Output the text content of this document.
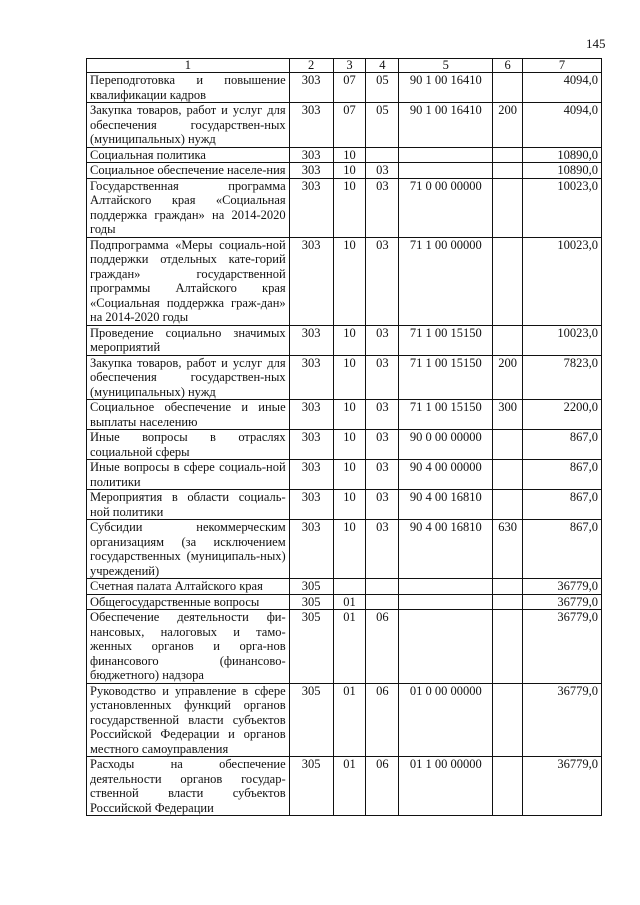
145
1	2	3	4	5	6	7
Переподготовка и повышение квалификации кадров	303	07	05	90 1 00 16410		4094,0
Закупка товаров, работ и услуг для обеспечения государствен-ных (муниципальных) нужд	303	07	05	90 1 00 16410	200	4094,0
Социальная политика	303	10				10890,0
Социальное обеспечение населе-ния	303	10	03			10890,0
Государственная программа Алтайского края «Социальная поддержка граждан» на 2014-2020 годы	303	10	03	71 0 00 00000		10023,0
Подпрограмма «Меры социаль-ной поддержки отдельных кате-горий граждан» государственной программы Алтайского края «Социальная поддержка граж-дан» на 2014-2020 годы	303	10	03	71 1 00 00000		10023,0
Проведение социально значимых мероприятий	303	10	03	71 1 00 15150		10023,0
Закупка товаров, работ и услуг для обеспечения государствен-ных (муниципальных) нужд	303	10	03	71 1 00 15150	200	7823,0
Социальное обеспечение и иные выплаты населению	303	10	03	71 1 00 15150	300	2200,0
Иные вопросы в отраслях социальной сферы	303	10	03	90 0 00 00000		867,0
Иные вопросы в сфере социаль-ной политики	303	10	03	90 4 00 00000		867,0
Мероприятия в области социаль-ной политики	303	10	03	90 4 00 16810		867,0
Субсидии некоммерческим организациям (за исключением государственных (муниципаль-ных) учреждений)	303	10	03	90 4 00 16810	630	867,0
Счетная палата Алтайского края	305					36779,0
Общегосударственные вопросы	305	01				36779,0
Обеспечение деятельности фи-нансовых, налоговых и тамо-женных органов и орга-нов финансового (финансово-бюджетного) надзора	305	01	06			36779,0
Руководство и управление в сфере установленных функций органов государственной власти субъектов Российской Федерации и органов местного самоуправления	305	01	06	01 0 00 00000		36779,0
Расходы на обеспечение деятельности органов государ-ственной власти субъектов Российской Федерации	305	01	06	01 1 00 00000		36779,0
